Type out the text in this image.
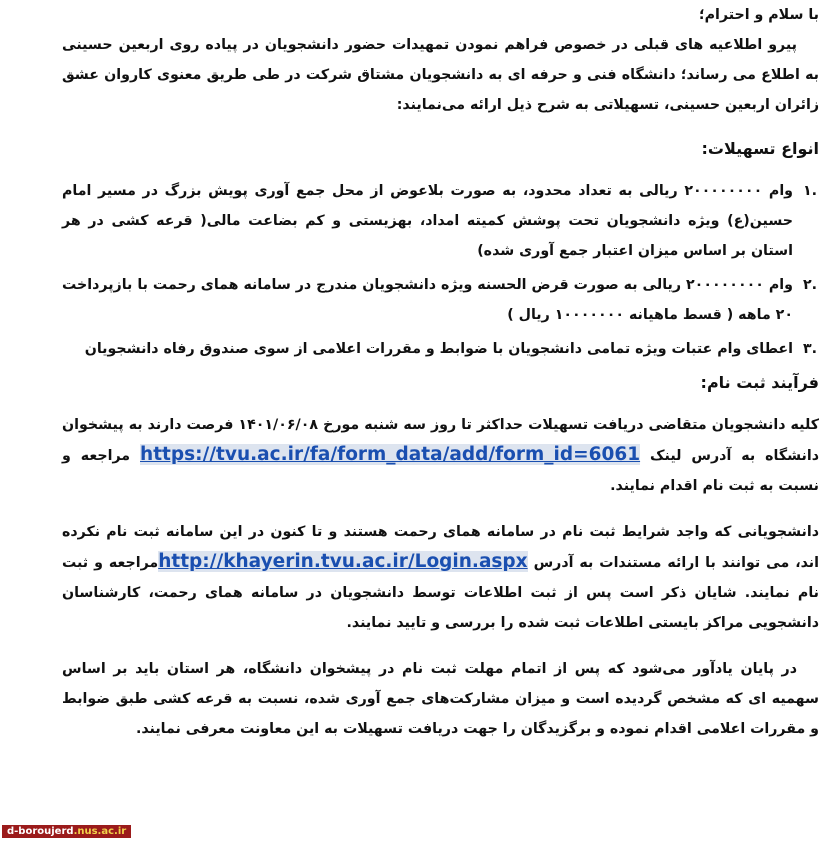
با سلام و احترام؛

پیرو اطلاعیه های قبلی در خصوص فراهم نمودن تمهیدات حضور دانشجویان در پیاده روی اربعین حسینی به اطلاع می رساند؛ دانشگاه فنی و حرفه ای به دانشجویان مشتاق شرکت در طی طریق معنوی کاروان عشق زائران اربعین حسینی، تسهیلاتی به شرح ذیل ارائه می‌نمایند:

انواع تسهیلات:

.۱
وام ۲۰۰۰۰۰۰۰۰ ریالی به تعداد محدود، به صورت بلاعوض از محل جمع آوری پویش بزرگ در مسیر امام حسین(ع) ویژه دانشجویان تحت پوشش کمیته امداد، بهزیستی و کم بضاعت مالی( قرعه کشی در هر استان بر اساس میزان اعتبار جمع آوری شده)
.۲
وام ۲۰۰۰۰۰۰۰۰ ریالی به صورت قرض الحسنه ویژه دانشجویان مندرج در سامانه همای رحمت با بازپرداخت ۲۰ ماهه ( قسط ماهیانه ۱۰۰۰۰۰۰۰ ریال )
.۳
اعطای وام عتبات ویژه تمامی دانشجویان با ضوابط و مقررات اعلامی از سوی صندوق رفاه دانشجویان

فرآیند ثبت نام:

کلیه دانشجویان متقاضی دریافت تسهیلات حداکثر تا روز سه شنبه مورخ ۱۴۰۱/۰۶/۰۸ فرصت دارند به پیشخوان دانشگاه به آدرس لینک https://tvu.ac.ir/fa/form_data/add/form_id=6061 مراجعه و نسبت به ثبت نام اقدام نمایند.

دانشجویانی که واجد شرایط ثبت نام در سامانه همای رحمت هستند و تا کنون در این سامانه ثبت نام نکرده اند، می توانند با ارائه مستندات به آدرس http://khayerin.tvu.ac.ir/Login.aspxمراجعه و ثبت نام نمایند. شایان ذکر است پس از ثبت اطلاعات توسط دانشجویان در سامانه همای رحمت، کارشناسان دانشجویی مراکز بایستی اطلاعات ثبت شده را بررسی و تایید نمایند.

در پایان یادآور می‌شود که پس از اتمام مهلت ثبت نام در پیشخوان دانشگاه، هر استان باید بر اساس سهمیه ای که مشخص گردیده است و میزان مشارکت‌های جمع آوری شده، نسبت به قرعه کشی طبق ضوابط و مقررات اعلامی اقدام نموده و برگزیدگان را جهت دریافت تسهیلات به این معاونت معرفی نمایند.

d-boroujerd.nus.ac.ir
